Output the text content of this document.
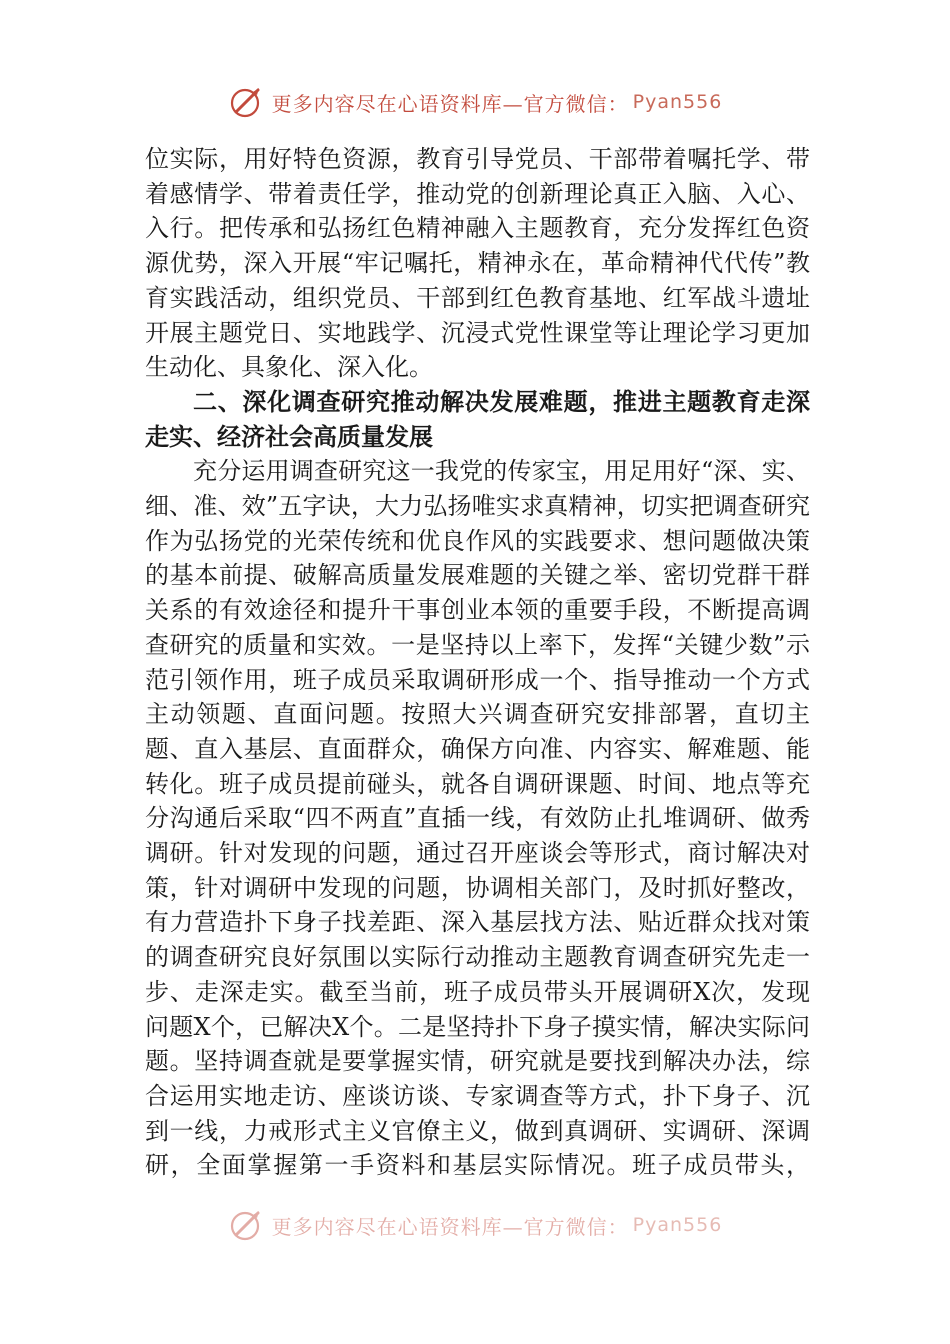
更多内容尽在心语资料库—官方微信： Pyan556

位实际，用好特色资源，教育引导党员、干部带着嘱托学、带着感情学、带着责任学，推动党的创新理论真正入脑、入心、入行。把传承和弘扬红色精神融入主题教育，充分发挥红色资源优势，深入开展“牢记嘱托，精神永在，革命精神代代传”教育实践活动，组织党员、干部到红色教育基地、红军战斗遗址开展主题党日、实地践学、沉浸式党性课堂等让理论学习更加生动化、具象化、深入化。

二、深化调查研究推动解决发展难题，推进主题教育走深走实、经济社会高质量发展

充分运用调查研究这一我党的传家宝，用足用好“深、实、细、准、效”五字诀，大力弘扬唯实求真精神，切实把调查研究作为弘扬党的光荣传统和优良作风的实践要求、想问题做决策的基本前提、破解高质量发展难题的关键之举、密切党群干群关系的有效途径和提升干事创业本领的重要手段，不断提高调查研究的质量和实效。一是坚持以上率下，发挥“关键少数”示范引领作用，班子成员采取调研形成一个、指导推动一个方式主动领题、直面问题。按照大兴调查研究安排部署，直切主题、直入基层、直面群众，确保方向准、内容实、解难题、能转化。班子成员提前碰头，就各自调研课题、时间、地点等充分沟通后采取“四不两直”直插一线，有效防止扎堆调研、做秀调研。针对发现的问题，通过召开座谈会等形式，商讨解决对策，针对调研中发现的问题，协调相关部门，及时抓好整改，有力营造扑下身子找差距、深入基层找方法、贴近群众找对策的调查研究良好氛围以实际行动推动主题教育调查研究先走一步、走深走实。截至当前，班子成员带头开展调研X次，发现问题X个，已解决X个。二是坚持扑下身子摸实情，解决实际问题。坚持调查就是要掌握实情，研究就是要找到解决办法，综合运用实地走访、座谈访谈、专家调查等方式，扑下身子、沉到一线，力戒形式主义官僚主义，做到真调研、实调研、深调研，全面掌握第一手资料和基层实际情况。班子成员带头，

更多内容尽在心语资料库—官方微信： Pyan556
